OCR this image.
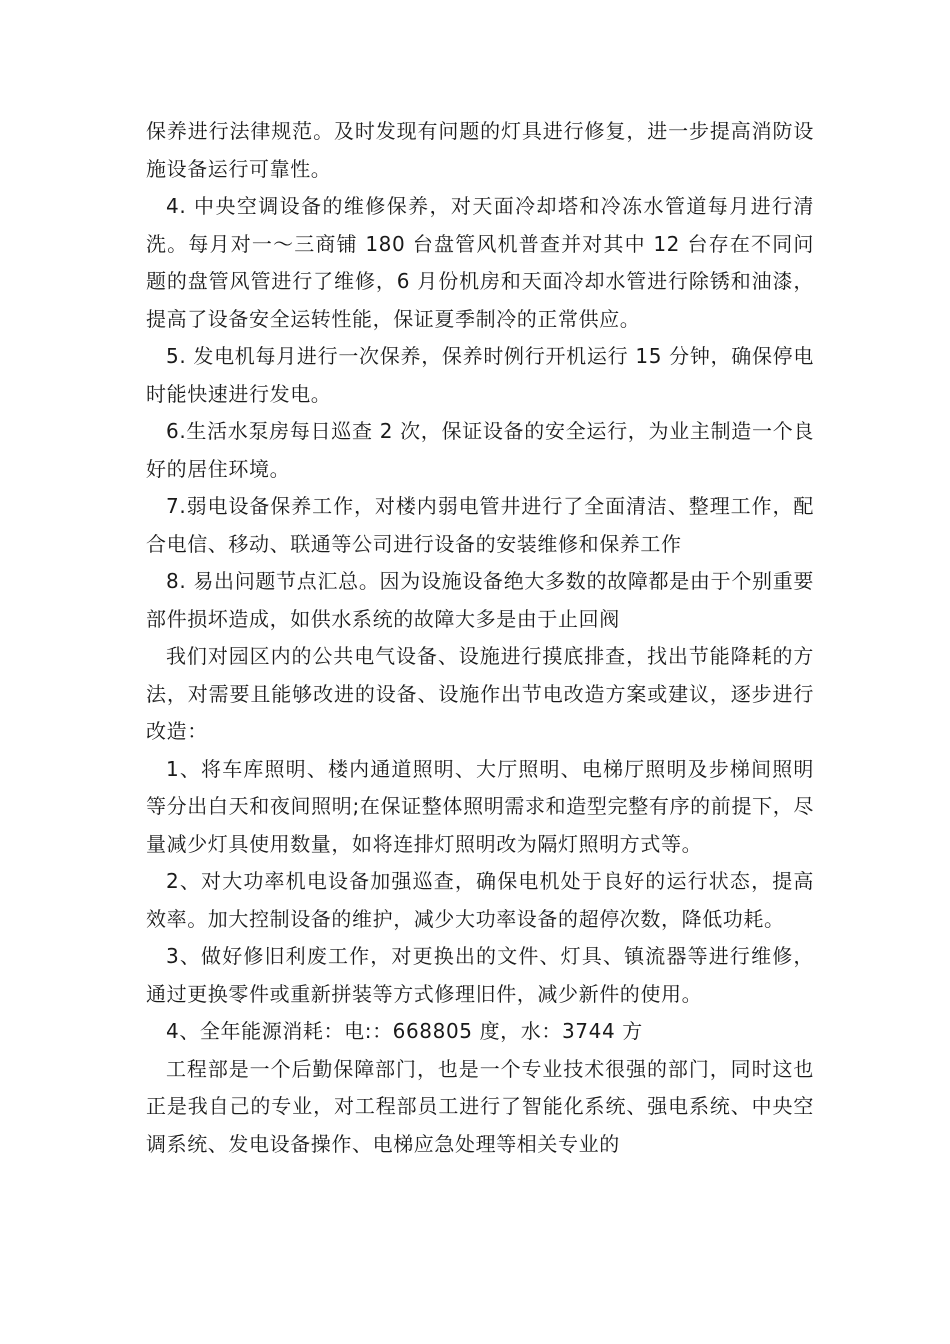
保养进行法律规范。及时发现有问题的灯具进行修复，进一步提高消防设施设备运行可靠性。

4. 中央空调设备的维修保养，对天面冷却塔和冷冻水管道每月进行清洗。每月对一～三商铺 180 台盘管风机普查并对其中 12 台存在不同问题的盘管风管进行了维修，6 月份机房和天面冷却水管进行除锈和油漆，提高了设备安全运转性能，保证夏季制冷的正常供应。

5. 发电机每月进行一次保养，保养时例行开机运行 15 分钟，确保停电时能快速进行发电。

6.生活水泵房每日巡查 2 次，保证设备的安全运行，为业主制造一个良好的居住环境。

7.弱电设备保养工作，对楼内弱电管井进行了全面清洁、整理工作，配合电信、移动、联通等公司进行设备的安装维修和保养工作

8. 易出问题节点汇总。因为设施设备绝大多数的故障都是由于个别重要部件损坏造成，如供水系统的故障大多是由于止回阀

我们对园区内的公共电气设备、设施进行摸底排查，找出节能降耗的方法，对需要且能够改进的设备、设施作出节电改造方案或建议，逐步进行改造：

1、将车库照明、楼内通道照明、大厅照明、电梯厅照明及步梯间照明等分出白天和夜间照明;在保证整体照明需求和造型完整有序的前提下，尽量减少灯具使用数量，如将连排灯照明改为隔灯照明方式等。

2、对大功率机电设备加强巡查，确保电机处于良好的运行状态，提高效率。加大控制设备的维护，减少大功率设备的超停次数，降低功耗。

3、做好修旧利废工作，对更换出的文件、灯具、镇流器等进行维修，通过更换零件或重新拼装等方式修理旧件，减少新件的使用。

4、全年能源消耗：电:：668805 度，水：3744 方

工程部是一个后勤保障部门，也是一个专业技术很强的部门，同时这也正是我自己的专业，对工程部员工进行了智能化系统、强电系统、中央空调系统、发电设备操作、电梯应急处理等相关专业的
